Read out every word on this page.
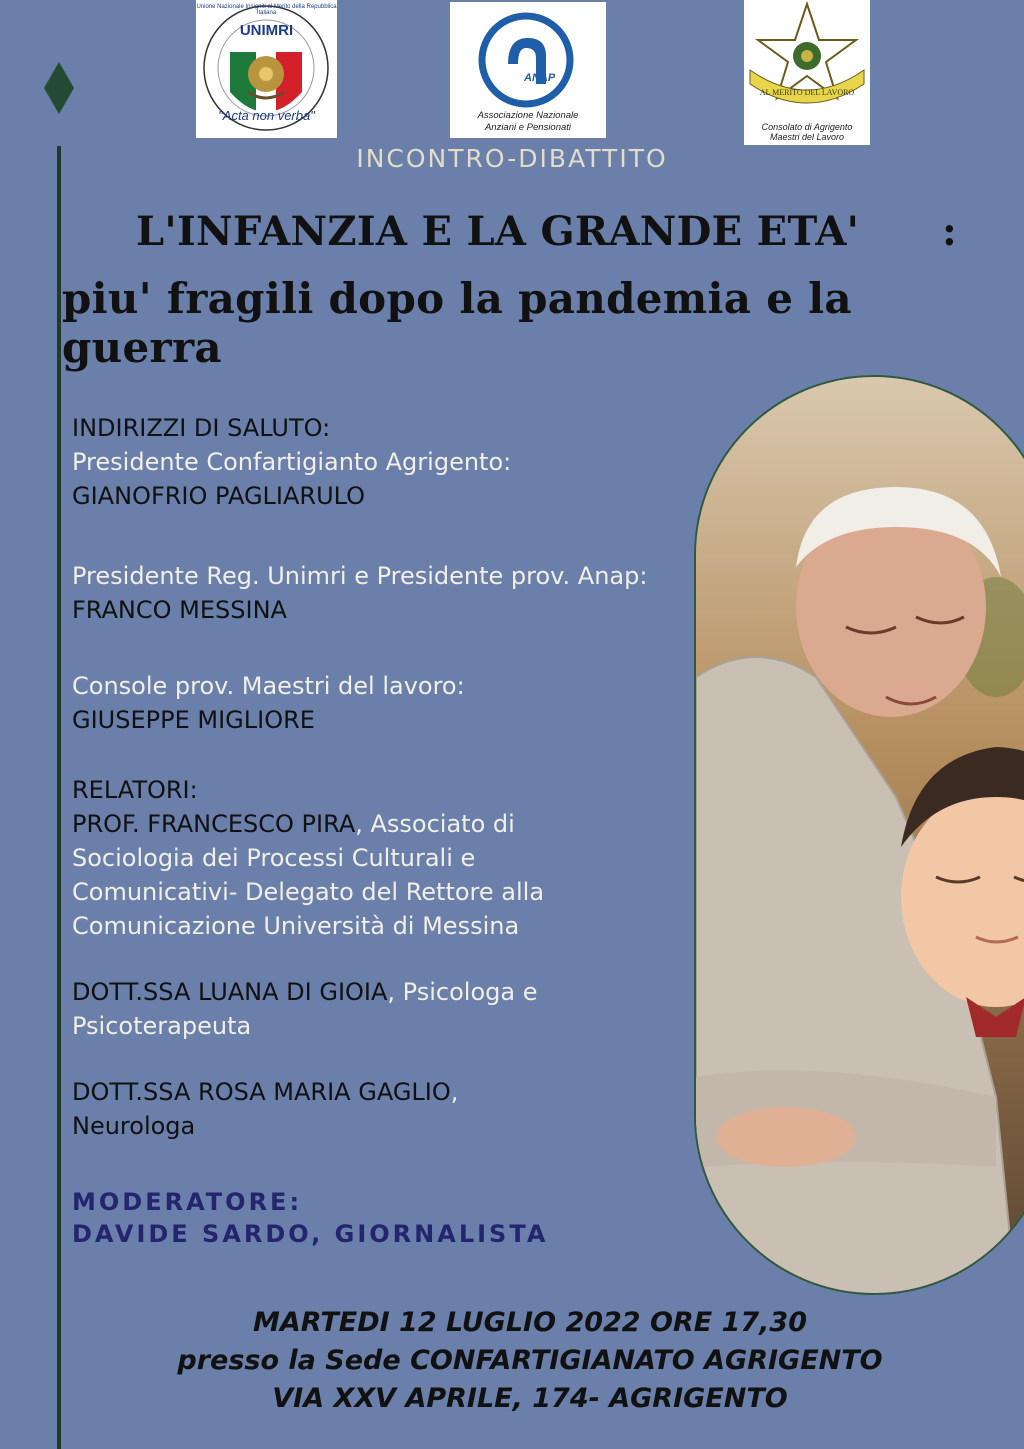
UNIMRI
Unione Nazionale Insigniti al Merito della Repubblica Italiana
"Acta non verba"
ANAP
Associazione Nazionale
Anziani e Pensionati
AL MERITO DEL LAVORO
Consolato di Agrigento
Maestri del Lavoro
INCONTRO-DIBATTITO
L'INFANZIA E LA GRANDE ETA' :
piu' fragili dopo la pandemia e la guerra
INDIRIZZI DI SALUTO:
Presidente Confartigianto Agrigento:
GIANOFRIO PAGLIARULO
Presidente Reg. Unimri e Presidente prov. Anap:
FRANCO MESSINA
Console prov. Maestri del lavoro:
GIUSEPPE MIGLIORE
RELATORI:
PROF. FRANCESCO PIRA, Associato di
Sociologia dei Processi Culturali e
Comunicativi- Delegato del Rettore alla
Comunicazione Università di Messina
DOTT.SSA LUANA DI GIOIA, Psicologa e
Psicoterapeuta
DOTT.SSA ROSA MARIA GAGLIO,
Neurologa
MODERATORE:
DAVIDE SARDO, GIORNALISTA
MARTEDI 12 LUGLIO 2022 ORE 17,30
presso la Sede CONFARTIGIANATO AGRIGENTO
VIA XXV APRILE, 174- AGRIGENTO
